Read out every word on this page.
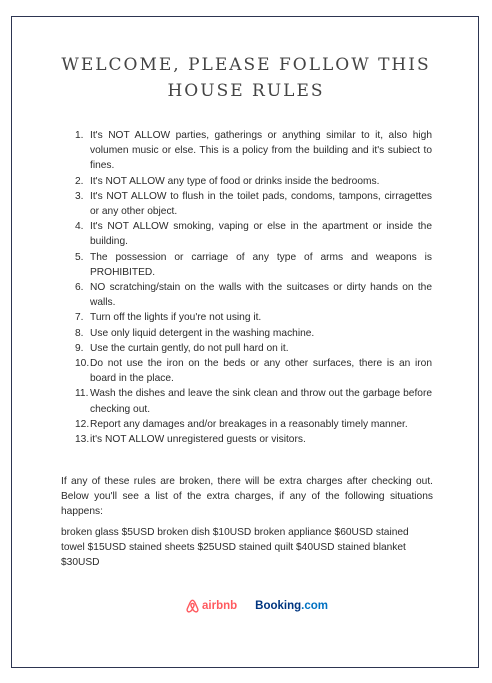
WELCOME, PLEASE FOLLOW THIS
HOUSE RULES
1. It's NOT ALLOW parties, gatherings or anything similar to it, also high volumen music or else. This is a policy from the building and it's subiect to fines.
2. It's NOT ALLOW any type of food or drinks inside the bedrooms.
3. It's NOT ALLOW to flush in the toilet pads, condoms, tampons, cirragettes or any other object.
4. It's NOT ALLOW smoking, vaping or else in the apartment or inside the building.
5. The possession or carriage of any type of arms and weapons is PROHIBITED.
6. NO scratching/stain on the walls with the suitcases or dirty hands on the walls.
7. Turn off the lights if you're not using it.
8. Use only liquid detergent in the washing machine.
9. Use the curtain gently, do not pull hard on it.
10. Do not use the iron on the beds or any other surfaces, there is an iron board in the place.
11. Wash the dishes and leave the sink clean and throw out the garbage before checking out.
12. Report any damages and/or breakages in a reasonably timely manner.
13. it's NOT ALLOW unregistered guests or visitors.

If any of these rules are broken, there will be extra charges after checking out. Below you'll see a list of the extra charges, if any of the following situations happens:

broken glass $5USD broken dish $10USD broken appliance $60USD stained towel $15USD stained sheets $25USD stained quilt $40USD stained blanket $30USD

airbnb Booking.com
